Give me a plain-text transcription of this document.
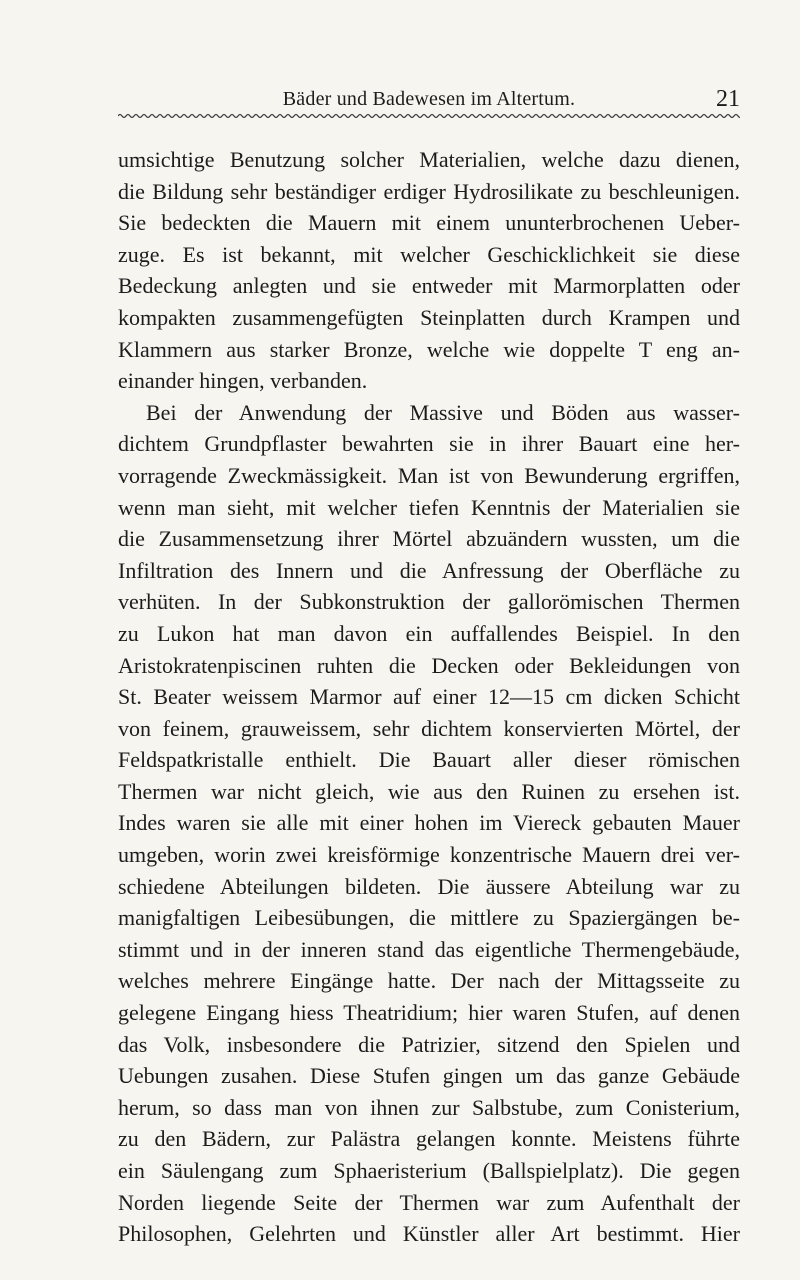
Bäder und Badewesen im Altertum.	21
umsichtige Benutzung solcher Materialien, welche dazu dienen,
die Bildung sehr beständiger erdiger Hydrosilikate zu beschleunigen.
Sie bedeckten die Mauern mit einem ununterbrochenen Ueber-
zuge. Es ist bekannt, mit welcher Geschicklichkeit sie diese
Bedeckung anlegten und sie entweder mit Marmorplatten oder
kompakten zusammengefügten Steinplatten durch Krampen und
Klammern aus starker Bronze, welche wie doppelte T eng an-
einander hingen, verbanden.
Bei der Anwendung der Massive und Böden aus wasser-
dichtem Grundpflaster bewahrten sie in ihrer Bauart eine her-
vorragende Zweckmässigkeit. Man ist von Bewunderung ergriffen,
wenn man sieht, mit welcher tiefen Kenntnis der Materialien sie
die Zusammensetzung ihrer Mörtel abzuändern wussten, um die
Infiltration des Innern und die Anfressung der Oberfläche zu
verhüten. In der Subkonstruktion der gallorömischen Thermen
zu Lukon hat man davon ein auffallendes Beispiel. In den
Aristokratenpiscinen ruhten die Decken oder Bekleidungen von
St. Beater weissem Marmor auf einer 12—15 cm dicken Schicht
von feinem, grauweissem, sehr dichtem konservierten Mörtel, der
Feldspatkristalle enthielt. Die Bauart aller dieser römischen
Thermen war nicht gleich, wie aus den Ruinen zu ersehen ist.
Indes waren sie alle mit einer hohen im Viereck gebauten Mauer
umgeben, worin zwei kreisförmige konzentrische Mauern drei ver-
schiedene Abteilungen bildeten. Die äussere Abteilung war zu
manigfaltigen Leibesübungen, die mittlere zu Spaziergängen be-
stimmt und in der inneren stand das eigentliche Thermengebäude,
welches mehrere Eingänge hatte. Der nach der Mittagsseite zu
gelegene Eingang hiess Theatridium; hier waren Stufen, auf denen
das Volk, insbesondere die Patrizier, sitzend den Spielen und
Uebungen zusahen. Diese Stufen gingen um das ganze Gebäude
herum, so dass man von ihnen zur Salbstube, zum Conisterium,
zu den Bädern, zur Palästra gelangen konnte. Meistens führte
ein Säulengang zum Sphaeristerium (Ballspielplatz). Die gegen
Norden liegende Seite der Thermen war zum Aufenthalt der
Philosophen, Gelehrten und Künstler aller Art bestimmt. Hier
